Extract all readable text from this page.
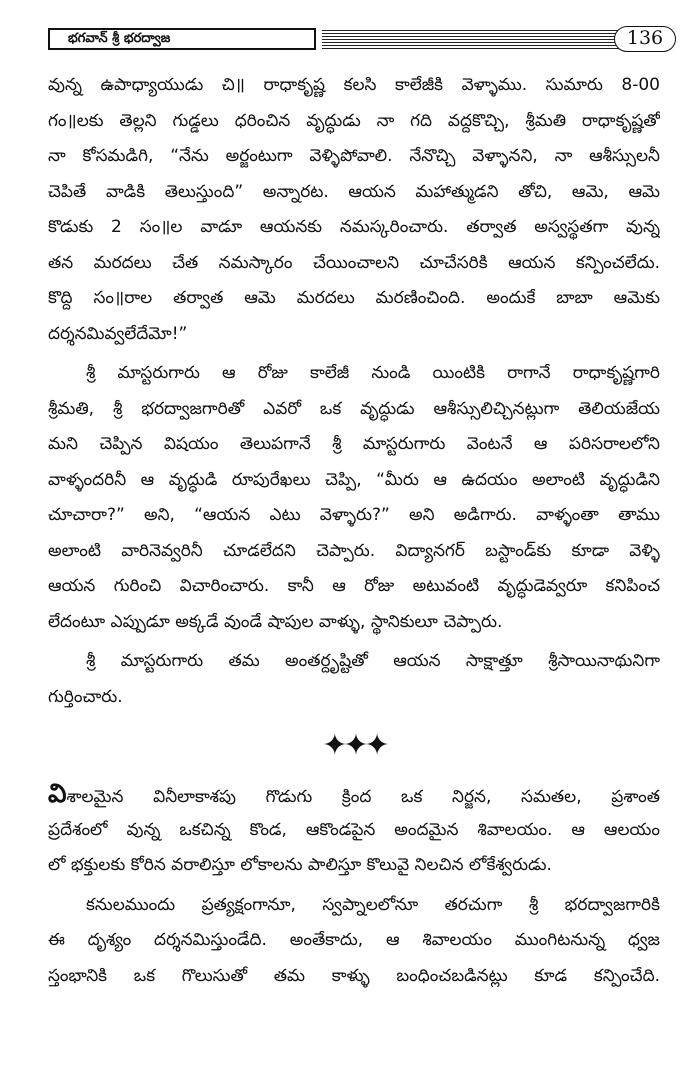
భగవాన్ శ్రీ భరద్వాజ	136
వున్న ఉపాధ్యాయుడు చి॥ రాధాకృష్ణ కలసి కాలేజీకి వెళ్ళాము. సుమారు 8-00
గం॥లకు తెల్లని గుడ్డలు ధరించిన వృద్ధుడు నా గది వద్దకొచ్చి, శ్రీమతి రాధాకృష్ణతో
నా కోసమడిగి, “నేను అర్జంటుగా వెళ్ళిపోవాలి. నేనొచ్చి వెళ్ళానని, నా ఆశీస్సులనీ
చెపితే వాడికి తెలుస్తుంది” అన్నారట. ఆయన మహాత్ముడని తోచి, ఆమె, ఆమె
కొడుకు 2 సం॥ల వాడూ ఆయనకు నమస్కరించారు. తర్వాత అస్వస్థతగా వున్న
తన మరదలు చేత నమస్కారం చేయించాలని చూచేసరికి ఆయన కన్పించలేదు.
కొద్ది సం॥రాల తర్వాత ఆమె మరదలు మరణించింది. అందుకే బాబా ఆమెకు
దర్శనమివ్వలేదేమో!”
శ్రీ మాస్టరుగారు ఆ రోజు కాలేజీ నుండి యింటికి రాగానే రాధాకృష్ణగారి
శ్రీమతి, శ్రీ భరద్వాజగారితో ఎవరో ఒక వృద్ధుడు ఆశీస్సులిచ్చినట్లుగా తెలియజేయ
మని చెప్పిన విషయం తెలుపగానే శ్రీ మాస్టరుగారు వెంటనే ఆ పరిసరాలలోని
వాళ్ళందరినీ ఆ వృద్ధుడి రూపురేఖలు చెప్పి, “మీరు ఆ ఉదయం అలాంటి వృద్ధుడిని
చూచారా?” అని, “ఆయన ఎటు వెళ్ళారు?” అని అడిగారు. వాళ్ళంతా తాము
అలాంటి వారినెవ్వరినీ చూడలేదని చెప్పారు. విద్యానగర్ బస్టాండ్‌కు కూడా వెళ్ళి
ఆయన గురించి విచారించారు. కానీ ఆ రోజు అటువంటి వృద్ధుడెవ్వరూ కనిపించ
లేదంటూ ఎప్పుడూ అక్కడే వుండే షాపుల వాళ్ళు, స్థానికులూ చెప్పారు.
శ్రీ మాస్టరుగారు తమ అంతర్దృష్టితో ఆయన సాక్షాత్తూ శ్రీసాయినాథునిగా
గుర్తించారు.
✦✦✦
విశాలమైన వినీలాకాశపు గొడుగు క్రింద ఒక నిర్జన, సమతల, ప్రశాంత
ప్రదేశంలో వున్న ఒకచిన్న కొండ, ఆకొండపైన అందమైన శివాలయం. ఆ ఆలయం
లో భక్తులకు కోరిన వరాలిస్తూ లోకాలను పాలిస్తూ కొలువై నిలచిన లోకేశ్వరుడు.
కనులముందు ప్రత్యక్షంగానూ, స్వప్నాలలోనూ తరచుగా శ్రీ భరద్వాజగారికి
ఈ దృశ్యం దర్శనమిస్తుండేది. అంతేకాదు, ఆ శివాలయం ముంగిటనున్న ధ్వజ
స్తంభానికి ఒక గొలుసుతో తమ కాళ్ళు బంధించబడినట్లు కూడ కన్పించేది.
